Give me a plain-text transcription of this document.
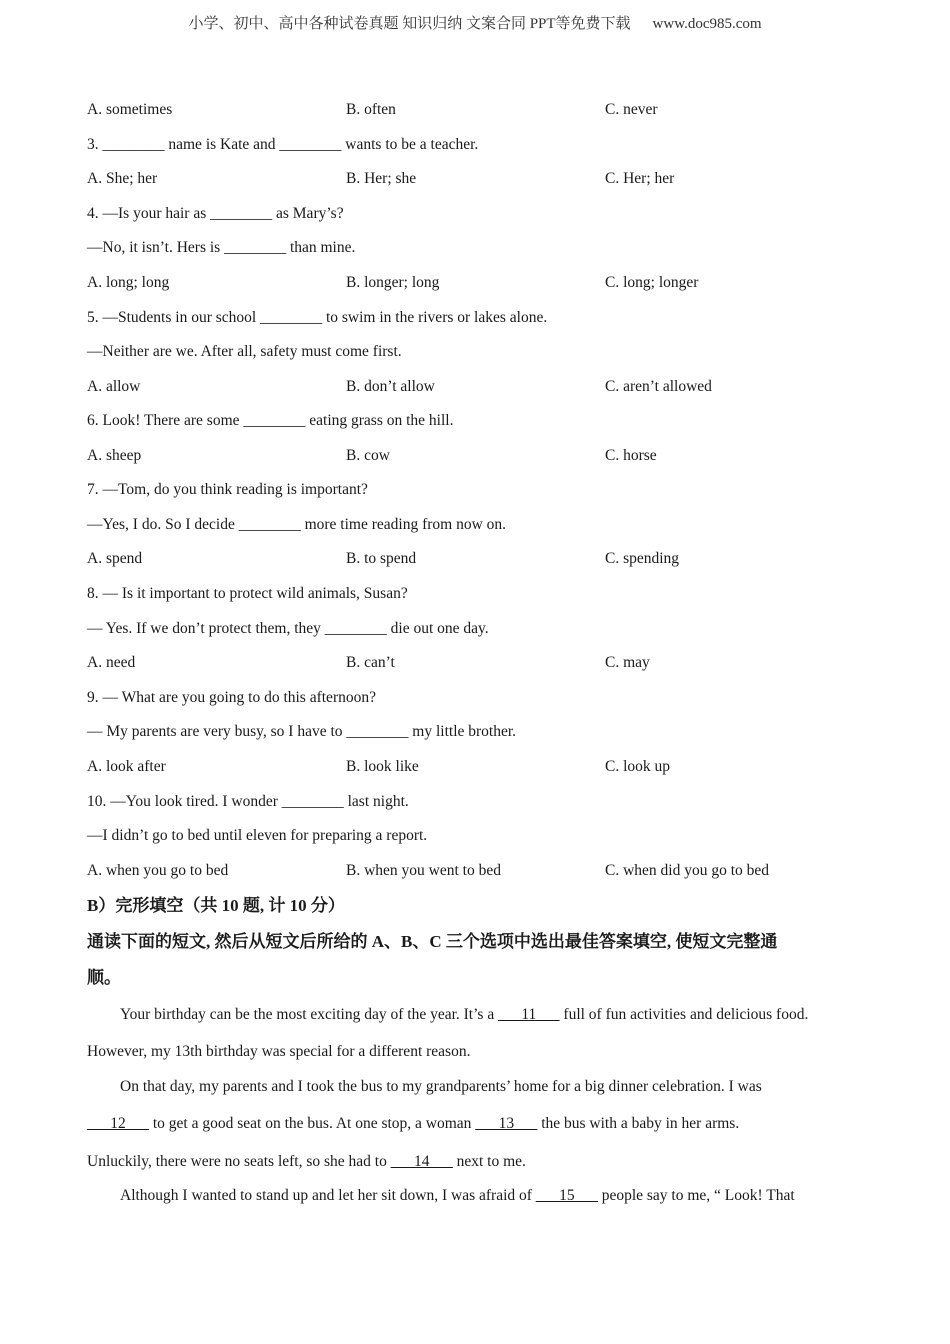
小学、初中、高中各种试卷真题 知识归纳 文案合同 PPT等免费下载 www.doc985.com
A. sometimes	B. often	C. never
3. ________ name is Kate and ________ wants to be a teacher.
A. She; her	B. Her; she	C. Her; her
4. —Is your hair as ________ as Mary’s?
—No, it isn’t. Hers is ________ than mine.
A. long; long	B. longer; long	C. long; longer
5. —Students in our school ________ to swim in the rivers or lakes alone.
—Neither are we. After all, safety must come first.
A. allow	B. don’t allow	C. aren’t allowed
6. Look! There are some ________ eating grass on the hill.
A. sheep	B. cow	C. horse
7. —Tom, do you think reading is important?
—Yes, I do. So I decide ________ more time reading from now on.
A. spend	B. to spend	C. spending
8. — Is it important to protect wild animals, Susan?
— Yes. If we don’t protect them, they ________ die out one day.
A. need	B. can’t	C. may
9. — What are you going to do this afternoon?
— My parents are very busy, so I have to ________ my little brother.
A. look after	B. look like	C. look up
10. —You look tired. I wonder ________ last night.
—I didn’t go to bed until eleven for preparing a report.
A. when you go to bed	B. when you went to bed	C. when did you go to bed
B）完形填空（共 10 题, 计 10 分）
通读下面的短文, 然后从短文后所给的 A、B、C 三个选项中选出最佳答案填空, 使短文完整通
顺。
Your birthday can be the most exciting day of the year. It’s a ___11___ full of fun activities and delicious food.
However, my 13th birthday was special for a different reason.
On that day, my parents and I took the bus to my grandparents’ home for a big dinner celebration. I was
___12___ to get a good seat on the bus. At one stop, a woman ___13___ the bus with a baby in her arms.
Unluckily, there were no seats left, so she had to ___14___ next to me.
Although I wanted to stand up and let her sit down, I was afraid of ___15___ people say to me, “ Look! That
